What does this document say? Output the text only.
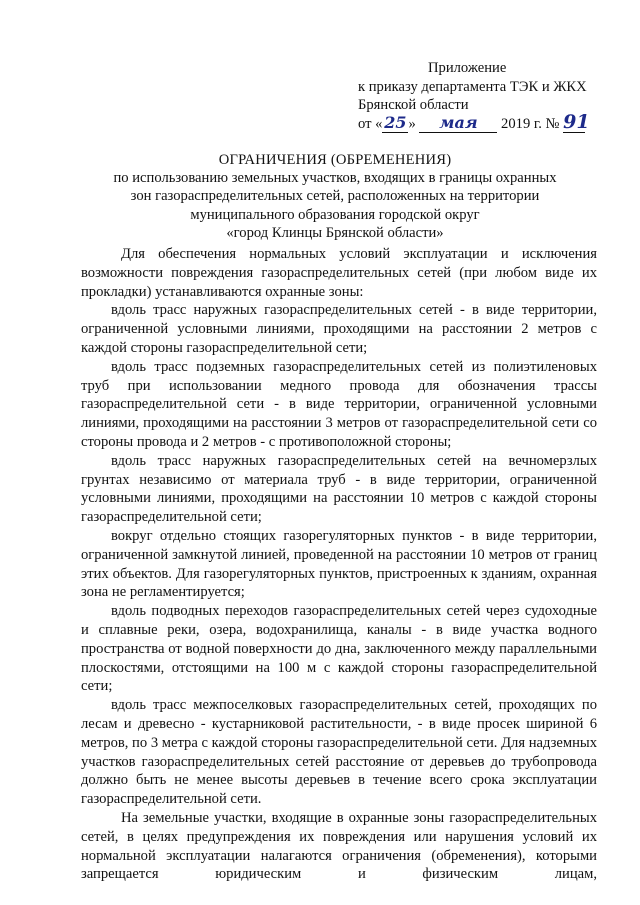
Приложение
к приказу департамента ТЭК и ЖКХ
Брянской области
от « 25 » мая 2019 г. № 91
ОГРАНИЧЕНИЯ (ОБРЕМЕНЕНИЯ)
по использованию земельных участков, входящих в границы охранных
зон газораспределительных сетей, расположенных на территории
муниципального образования городской округ
«город Клинцы Брянской области»

Для обеспечения нормальных условий эксплуатации и исключения возможности повреждения газораспределительных сетей (при любом виде их прокладки) устанавливаются охранные зоны:

вдоль трасс наружных газораспределительных сетей - в виде территории, ограниченной условными линиями, проходящими на расстоянии 2 метров с каждой стороны газораспределительной сети;

вдоль трасс подземных газораспределительных сетей из полиэтиленовых труб при использовании медного провода для обозначения трассы газораспределительной сети - в виде территории, ограниченной условными линиями, проходящими на расстоянии 3 метров от газораспределительной сети со стороны провода и 2 метров - с противоположной стороны;

вдоль трасс наружных газораспределительных сетей на вечномерзлых грунтах независимо от материала труб - в виде территории, ограниченной условными линиями, проходящими на расстоянии 10 метров с каждой стороны газораспределительной сети;

вокруг отдельно стоящих газорегуляторных пунктов - в виде территории, ограниченной замкнутой линией, проведенной на расстоянии 10 метров от границ этих объектов. Для газорегуляторных пунктов, пристроенных к зданиям, охранная зона не регламентируется;

вдоль подводных переходов газораспределительных сетей через судоходные и сплавные реки, озера, водохранилища, каналы - в виде участка водного пространства от водной поверхности до дна, заключенного между параллельными плоскостями, отстоящими на 100 м с каждой стороны газораспределительной сети;

вдоль трасс межпоселковых газораспределительных сетей, проходящих по лесам и древесно - кустарниковой растительности, - в виде просек шириной 6 метров, по 3 метра с каждой стороны газораспределительной сети. Для надземных участков газораспределительных сетей расстояние от деревьев до трубопровода должно быть не менее высоты деревьев в течение всего срока эксплуатации газораспределительной сети.

На земельные участки, входящие в охранные зоны газораспределительных сетей, в целях предупреждения их повреждения или нарушения условий их нормальной эксплуатации налагаются ограничения (обременения), которыми запрещается юридическим и физическим лицам,
